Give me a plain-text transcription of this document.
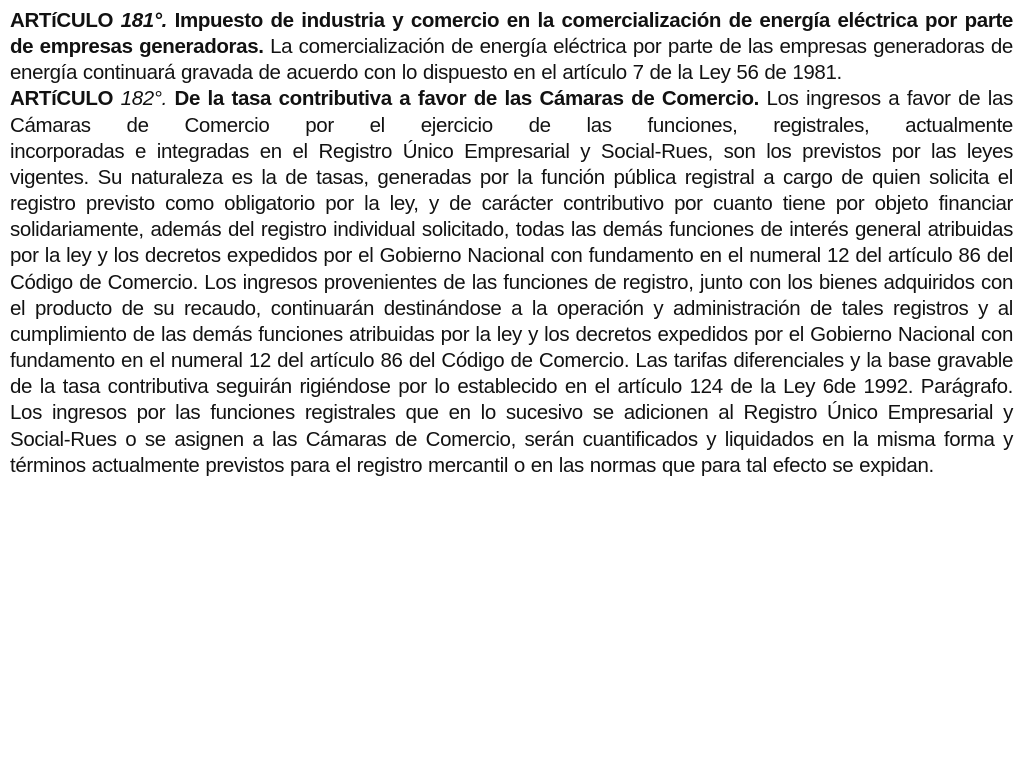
ARTíCULO 181°. Impuesto de industria y comercio en la comercialización de energía eléctrica por parte de empresas generadoras. La comercialización de energía eléctrica por parte de las empresas generadoras de energía continuará gravada de acuerdo con lo dispuesto en el artículo 7 de la Ley 56 de 1981.

ARTíCULO 182°. De la tasa contributiva a favor de las Cámaras de Comercio. Los ingresos a favor de las Cámaras de Comercio por el ejercicio de las funciones, registrales, actualmente
incorporadas e integradas en el Registro Único Empresarial y Social-Rues, son los previstos por las leyes vigentes. Su naturaleza es la de tasas, generadas por la función pública registral a cargo de quien solicita el registro previsto como obligatorio por la ley, y de carácter contributivo por cuanto tiene por objeto financiar solidariamente, además del registro individual solicitado, todas las demás funciones de interés general atribuidas por la ley y los decretos expedidos por el Gobierno Nacional con fundamento en el numeral 12 del artículo 86 del Código de Comercio. Los ingresos provenientes de las funciones de registro, junto con los bienes adquiridos con el producto de su recaudo, continuarán destinándose a la operación y administración de tales registros y al cumplimiento de las demás funciones atribuidas por la ley y los decretos expedidos por el Gobierno Nacional con fundamento en el numeral 12 del artículo 86 del Código de Comercio. Las tarifas diferenciales y la base gravable de la tasa contributiva seguirán rigiéndose por lo establecido en el artículo 124 de la Ley 6de 1992. Parágrafo. Los ingresos por las funciones registrales que en lo sucesivo se adicionen al Registro Único Empresarial y Social-Rues o se asignen a las Cámaras de Comercio, serán cuantificados y liquidados en la misma forma y términos actualmente previstos para el registro mercantil o en las normas que para tal efecto se expidan.
